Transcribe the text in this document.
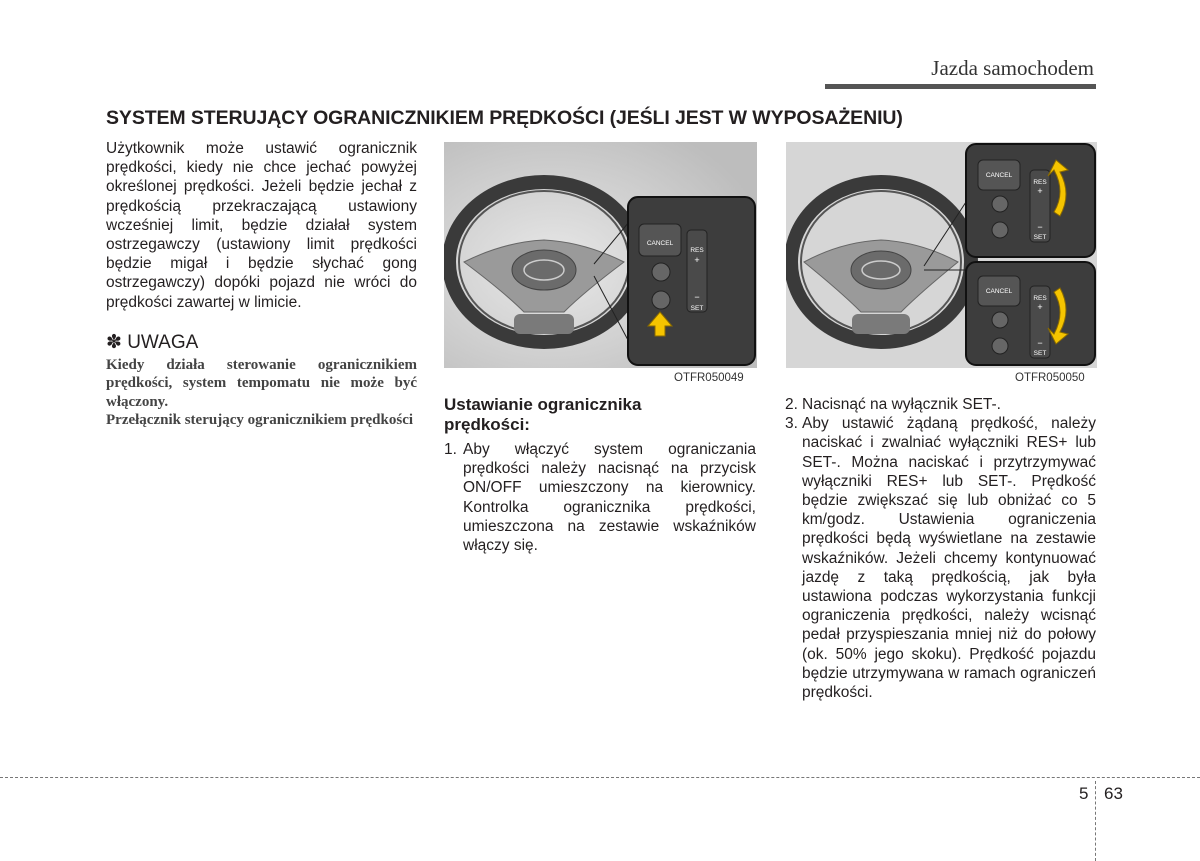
Jazda samochodem
SYSTEM STERUJĄCY OGRANICZNIKIEM PRĘDKOŚCI (JEŚLI JEST W WYPOSAŻENIU)

Użytkownik może ustawić ogranicznik prędkości, kiedy nie chce jechać powyżej określonej prędkości. Jeżeli będzie jechał z prędkością przekraczającą ustawiony wcześniej limit, będzie działał system ostrzegawczy (ustawiony limit prędkości będzie migał i będzie słychać gong ostrzegawczy) dopóki pojazd nie wróci do prędkości zawartej w limicie.

✽ UWAGA

Kiedy działa sterowanie ogranicznikiem prędkości, system tempomatu nie może być włączony.

Przełącznik sterujący ogranicznikiem prędkości

CANCEL
RES
+
−
SET
OTFR050049
CANCEL
RES
+
−
SET
CANCEL
RES
+
−
SET
OTFR050050
Ustawianie ogranicznika prędkości:
1. Aby włączyć system ograniczania prędkości należy nacisnąć na przycisk ON/OFF umieszczony na kierownicy. Kontrolka ogranicznika prędkości, umieszczona na zestawie wskaźników włączy się.
2. Nacisnąć na wyłącznik SET-.
3. Aby ustawić żądaną prędkość, należy naciskać i zwalniać wyłączniki RES+ lub SET-. Można naciskać i przytrzymywać wyłączniki RES+ lub SET-. Prędkość będzie zwiększać się lub obniżać co 5 km/godz. Ustawienia ograniczenia prędkości będą wyświetlane na zestawie wskaźników. Jeżeli chcemy kontynuować jazdę z taką prędkością, jak była ustawiona podczas wykorzystania funkcji ograniczenia prędkości, należy wcisnąć pedał przyspieszania mniej niż do połowy (ok. 50% jego skoku). Prędkość pojazdu będzie utrzymywana w ramach ograniczeń prędkości.
5 63
